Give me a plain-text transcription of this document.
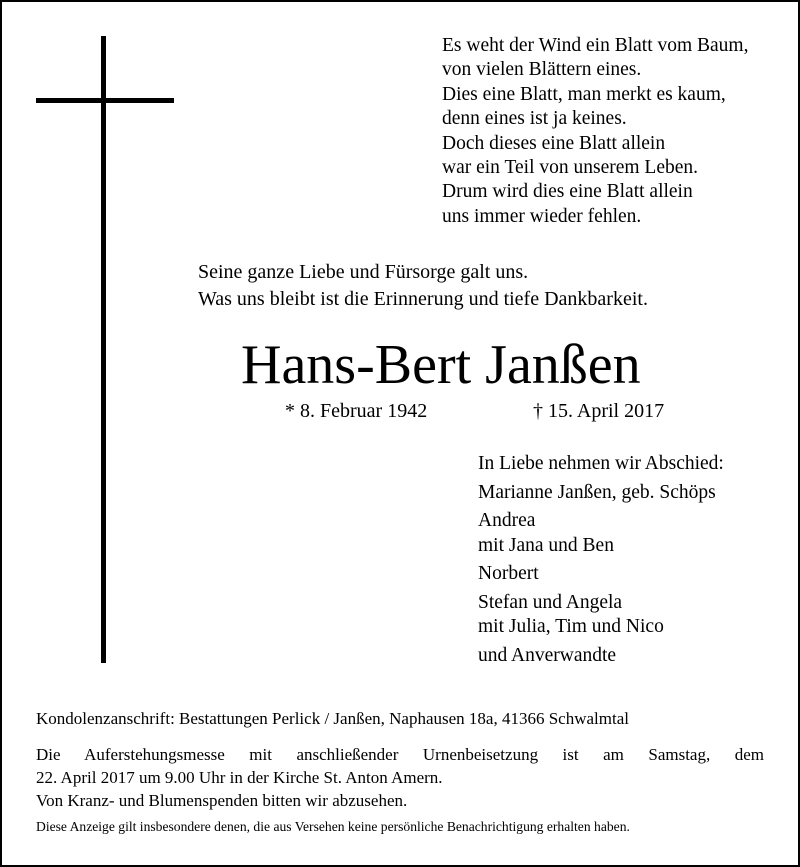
Es weht der Wind ein Blatt vom Baum,
von vielen Blättern eines.
Dies eine Blatt, man merkt es kaum,
denn eines ist ja keines.
Doch dieses eine Blatt allein
war ein Teil von unserem Leben.
Drum wird dies eine Blatt allein
uns immer wieder fehlen.
Seine ganze Liebe und Fürsorge galt uns.
Was uns bleibt ist die Erinnerung und tiefe Dankbarkeit.
Hans-Bert Janßen
* 8. Februar 1942	† 15. April 2017
In Liebe nehmen wir Abschied:
Marianne Janßen, geb. Schöps
Andrea
mit Jana und Ben
Norbert
Stefan und Angela
mit Julia, Tim und Nico
und Anverwandte
Kondolenzanschrift: Bestattungen Perlick / Janßen, Naphausen 18a, 41366 Schwalmtal
Die Auferstehungsmesse mit anschließender Urnenbeisetzung ist am Samstag, dem
22. April 2017 um 9.00 Uhr in der Kirche St. Anton Amern.
Von Kranz- und Blumenspenden bitten wir abzusehen.
Diese Anzeige gilt insbesondere denen, die aus Versehen keine persönliche Benachrichtigung erhalten haben.
